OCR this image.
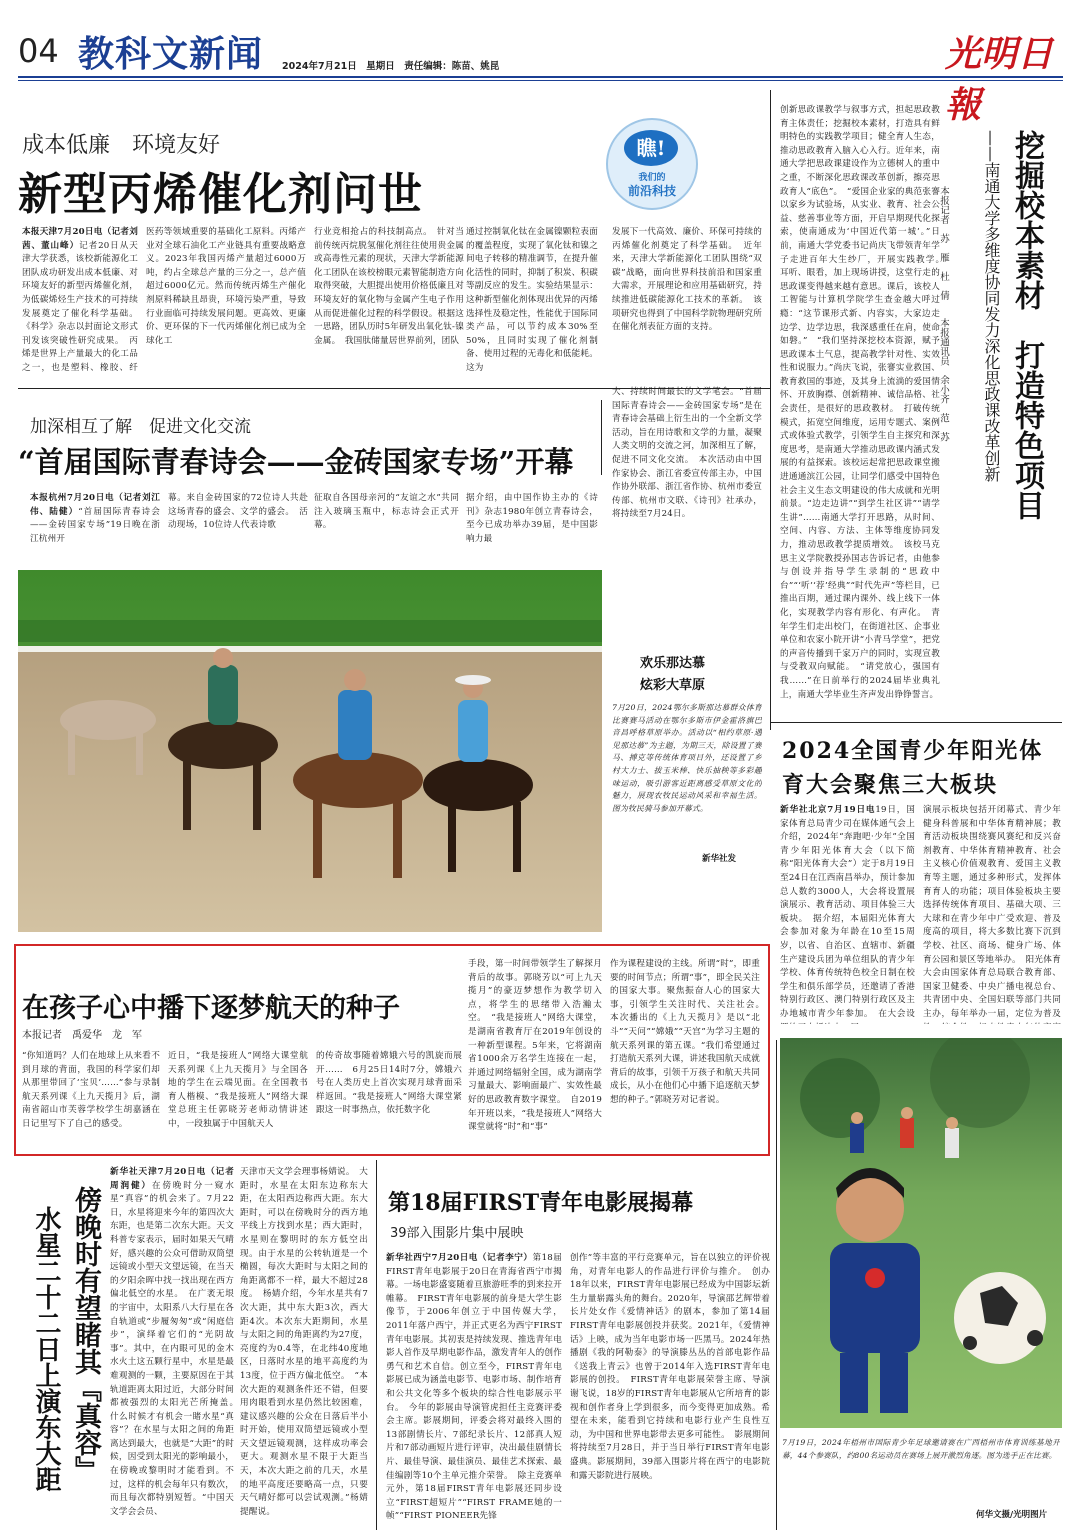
04 教科文新闻 2024年7月21日　星期日　责任编辑：陈苗、姚昆	光明日報
成本低廉　环境友好
新型丙烯催化剂问世
瞧!
我们的
前沿科技
本报天津7月20日电（记者刘茜、董山峰）记者20日从天津大学获悉，该校新能源化工团队成功研发出成本低廉、对环境友好的新型丙烯催化剂，为低碳烯烃生产技术的可持续发展奠定了催化科学基础。《科学》杂志以封面论文形式刊发该突破性研究成果。　丙烯是世界上产量最大的化工品之一，也是塑料、橡胶、纤
医药等领域重要的基础化工原料。丙烯产业对全球石油化工产业链具有重要战略意义。2023年我国丙烯产量超过6000万吨，约占全球总产量的三分之一，总产值超过6000亿元。然而传统丙烯生产催化剂原料稀缺且昂贵，环境污染严重，导致行业面临可持续发展问题。更高效、更廉价、更环保的下一代丙烯催化剂已成为全球化工
行业竞相抢占的科技制高点。　针对当前传统丙烷脱氢催化剂往往使用贵金属或高毒性元素的现状，天津大学新能源化工团队在该校榜眼元素智能制造方向取得突破，大胆提出使用价格低廉且对环境友好的氧化物与金属产生电子作用从而促进催化过程的科学假设。根据这一思路，团队历时5年研发出氧化钛-镍金属。　我国肽储量居世界前列，团队
通过控制氧化钛在金属镍颗粒表面的覆盖程度，实现了氧化钛和镍之间电子转移的精准调节，在提升催化活性的同时，抑制了积炭、积碳等副反应的发生。实验结果显示：这种新型催化剂体现出优异的丙烯选择性及稳定性，性能优于国际同类产品，可以节约成本30%至50%，且同时实现了催化剂制备、使用过程的无毒化和低能耗。这为
发展下一代高效、廉价、环保可持续的丙烯催化剂奠定了科学基础。　近年来，天津大学新能源化工团队围绕“双碳”战略，面向世界科技前沿和国家重大需求，开展理论和应用基础研究，持续推进低碳能源化工技术的革新。　该项研究也得到了中国科学院物理研究所在催化剂表征方面的支持。
加深相互了解　促进文化交流
“首届国际青春诗会——金砖国家专场”开幕
本报杭州7月20日电（记者刘江伟、陆健）“首届国际青春诗会——金砖国家专场”19日晚在浙江杭州开
幕。来自金砖国家的72位诗人共赴这场青春的盛会、文学的盛会。　活动现场，10位诗人代表诗歌
征取自各国母亲河的“友谊之水”共同注入玻璃玉瓶中，标志诗会正式开幕。
据介绍，由中国作协主办的《诗刊》杂志1980年创立青春诗会，至今已成功举办39届，是中国影响力最
大、持续时间最长的文学笔会。“首届国际青春诗会——金砖国家专场”是在青春诗会基础上衍生出的一个全新文学活动，旨在用诗歌和文学的力量，凝聚人类文明的交流之河，加深相互了解，促进不同文化交流。　本次活动由中国作家协会、浙江省委宣传部主办，中国作协外联部、浙江省作协、杭州市委宣传部、杭州市文联、《诗刊》社承办，将持续至7月24日。
欢乐那达慕
炫彩大草原
7月20日，2024鄂尔多斯那达慕群众体育比赛赛马活动在鄂尔多斯市伊金霍洛旗巴音昌呼格草原举办。活动以“相约草原·遇见那达慕”为主题，为期三天，除设置了赛马、搏克等传统体育项目外，还设置了乡村大力士、拔玉米棒、快乐抽秧等多彩趣味运动，吸引游客近距离感受草原文化的魅力，展现农牧民运动风采和幸福生活。图为牧民骑马参加开幕式。
新华社发
挖掘校本素材　打造特色项目
——南通大学多维度协同发力深化思政课改革创新
本报记者　苏　雁　杜　倩
本报通讯员　余小齐　范　苏
创新思政课教学与叙事方式，担起思政教育主体责任；挖掘校本素材，打造具有鲜明特色的实践教学项目；健全育人生态，推动思政教育入脑入心入行。近年来，南通大学把思政课建设作为立德树人的重中之重，不断深化思政课改革创新，擦亮思政育人“底色”。　“爱国企业家的典范张謇以家乡为试验场，从实业、教育、社会公益、慈善事业等方面，开启早期现代化探索，使南通成为‘中国近代第一城’。”日前，南通大学党委书记尚庆飞带领青年学子走进百年大生纱厂，开展实践教学。　耳听、眼看，加上现场讲授，这堂行走的思政课变得越来越有意思。课后，该校人工智能与计算机学院学生查金越大呼过瘾：“这节课形式新、内容实，大家边走边学、边学边思，我深感重任在肩，使命如磐。”　“我们坚持深挖校本资源，赋予思政课本土气息，提高教学针对性、实效性和说服力。”尚庆飞说，张謇实业救国、教育救国的事迹，及其身上流淌的爱国情怀、开放胸襟、创新精神、诚信品格、社会责任，是很好的思政教材。　打破传统模式，拓宽空间维度，运用专题式、案例式或体验式教学，引领学生自主探究和深度思考，是南通大学推动思政课内涵式发展的有益探索。该校运起常把思政课堂搬进通通滨江公园，让同学们感受中国特色社会主义生态文明建设的伟大成就和光明前景。“边走边讲”“到学生社区讲”“请学生讲”……南通大学打开思路，从时间、空间、内容、方法、主体等维度协同发力，推动思政教学提质增效。　该校马克思主义学院教授孙国志告诉记者，由他参与创设并指导学生录制的“思政中台”“‘听’‘荐’经典”“时代先声”等栏目，已推出百期，通过课内课外、线上线下一体化，实现教学内容有形化、有声化。　青年学生们走出校门，在街道社区、企事业单位和农家小院开讲“小青马学堂”，把党的声音传播到千家万户的同时，实现宣教与受教双向赋能。　“请党放心，强国有我……”在日前举行的2024届毕业典礼上，南通大学毕业生齐声发出铮铮誓言。
2024全国青少年阳光体育大会聚焦三大板块
新华社北京7月19日电19日，国家体育总局青少司在媒体通气会上介绍，2024年“奔跑吧·少年”全国青少年阳光体育大会（以下简称“阳光体育大会”）定于8月19日至24日在江西南昌举办，预计参加总人数约3000人，大会将设置展演展示、教育活动、项目体验三大板块。　据介绍，本届阳光体育大会参加对象为年龄在10至15周岁，以省、自治区、直辖市、新疆生产建设兵团为单位组队的青少年学校、体育传统特色校全日制在校学生和俱乐部学员，还邀请了香港特别行政区、澳门特别行政区及主办地城市青少年参加。　在大会设
演展示板块包括开闭幕式、青少年健身科普展和中华体育精神展；教育活动板块围绕赛风赛纪和反兴奋剂教育、中华体育精神教育、社会主义核心价值观教育、爱国主义教育等主题，通过多种形式，发挥体育育人的功能；项目体验板块主要选择传统体育项目、基础大项、三大球和在青少年中广受欢迎、普及度高的项目，将大多数比赛下沉到学校、社区、商场、健身广场、体育公园和景区等地举办。　阳光体育大会由国家体育总局联合教育部、国家卫健委、中央广播电视总台、共青团中央、全国妇联等部门共同主办，每年举办一届，定位为普及
在孩子心中播下逐梦航天的种子
本报记者　禹爱华　龙　军
“你知道吗？人们在地球上从来看不到月球的背面，我国的科学家们却从那里带回了‘宝贝’……”参与录制航天系列课《上九天揽月》后，湖南省韶山市芙蓉学校学生胡嘉涵在日记里写下了自己的感受。
近日，“我是接班人”网络大课堂航天系列课《上九天揽月》与全国各地的学生在云端见面。在全国教书育人楷模、“我是接班人”网络大课堂总班主任郭晓芳老师动情讲述中，一段独属于中国航天人
的传奇故事随着嫦娥六号的凯旋而展开……　6月25日14时7分，嫦娥六号在人类历史上首次实现月球背面采样返回。“我是接班人”网络大课堂紧跟这一时事热点，依托数字化
手段，第一时间带领学生了解探月背后的故事。郭晓芳以“可上九天揽月”的豪迈梦想作为教学切入点，将学生的思绪带入浩瀚太空。　“我是接班人”网络大课堂，是湖南省教育厅在2019年创设的一种新型课程。5年来，它将湖南省1000余万名学生连接在一起，并通过网络辐射全国，成为湖南学习量最大、影响面最广、实效性最好的思政教育数字课堂。　自2019年开班以来，“我是接班人”网络大课堂就将“时”和“事”
作为课程建设的主线。所谓“时”，即重要的时间节点；所谓“事”，即全民关注的国家大事。聚焦振奋人心的国家大事，引领学生关注时代、关注社会。　本次播出的《上九天揽月》是以“北斗”“天问”“嫦娥”“天宫”为学习主题的航天系列课的第五课。“我们希望通过打造航天系列大课，讲述我国航天成就背后的故事，引领千万孩子和航天共同成长，从小在他们心中播下追逐航天梦想的种子。”郭晓芳对记者说。
傍晚时有望睹其『真容』
水星二十二日上演东大距
新华社天津7月20日电（记者周润健）在傍晚时分一窥水星“真容”的机会来了。7月22日，水星将迎来今年的第四次大东距，也是第二次东大距。天文科普专家表示，届时如果天气晴好，感兴趣的公众可借助双筒望远镜或小型天文望远镜，在当天的夕阳余晖中找一找出现在西方偏北低空的水星。　在广袤无垠的宇宙中，太阳系八大行星在各自轨道或“步履匆匆”或“闲庭信步”，演绎着它们的“光阴故事”。其中，在内眼可见的金木水火土这五颗行星中，水星是最难观测的一颗，主要原因在于其轨道距离太阳过近，大部分时间都被强烈的太阳光芒所掩盖。　什么时候才有机会一睹水星“真容”？在水星与太阳之间的角距离达到最大，也就是“大距”的时候，因受到太阳光的影响最小，在傍晚或黎明时才能看到。不过，这样的机会每年只有数次，而且每次都特别短暂。“中国天文学会会员、
天津市天文学会理事杨婧说。　大距时，水星在太阳东边称东大距，在太阳西边称西大距。东大距时，可以在傍晚时分的西方地平线上方找到水星；西大距时，水星则在黎明时的东方低空出现。由于水星的公转轨道是一个椭圆，每次大距时与太阳之间的角距离都不一样，最大不超过28度。　杨婧介绍，今年水星共有7次大距，其中东大距3次，西大距4次。本次东大距期间，水星与太阳之间的角距离约为27度，亮度约为0.4等，在北纬40度地区，日落时水星的地平高度约为13度，位于西方偏北低空。　“本次大距的观测条件还不错，但要用肉眼看到水星仍然比较困难，建议感兴趣的公众在日落后半小时开始，使用双筒望远镜或小型天文望远镜观测，这样成功率会更大。观测水星不限于大距当天，本次大距之前的几天，水星的地平高度还要略高一点，只要天气晴好都可以尝试观测。”杨婧提醒说。
第18届FIRST青年电影展揭幕
39部入围影片集中展映
新华社西宁7月20日电（记者李宁）第18届FIRST青年电影展于20日在青海省西宁市揭幕。一场电影盛宴随着亘旅游旺季的到来拉开帷幕。　FIRST青年电影展的前身是大学生影像节，于2006年创立于中国传媒大学，2011年落户西宁，并正式更名为西宁FIRST青年电影展。其初衷是持续发现、推选青年电影人首作及早期电影作品，激发青年人的创作勇气和艺术自信。创立至今，FIRST青年电影展已成为涵盖电影节、电影市场、制作培育和公共文化等多个板块的综合性电影展示平台。　今年的影展由导演管虎担任主竞赛评委会主席。影展期间，评委会将对最终入围的13部剧情长片、7部纪录长片、12部真人短片和7部动画短片进行评审，决出最佳剧情长片、最佳导演、最佳演员、最佳艺术探索、最佳编剧等10个主单元推介荣誉。　除主竞赛单元外，第18届FIRST青年电影展还同步设立“FIRST超短片”“FIRST FRAME她的一帧”“FIRST PIONEER先锋
创作”等丰富的平行竞赛单元，旨在以独立的评价视角，对青年电影人的作品进行评价与推介。　创办18年以来，FIRST青年电影展已经成为中国影坛新生力量崭露头角的舞台。2020年，导演邵艺辉带着长片处女作《爱情神话》的剧本，参加了第14届FIRST青年电影展创投并获奖。2021年，《爱情神话》上映，成为当年电影市场一匹黑马。2024年热播剧《我的阿勒泰》的导演滕丛丛的首部电影作品《送我上青云》也曾于2014年入选FIRST青年电影展的创投。　FIRST青年电影展荣誉主席、导演谢飞说，18岁的FIRST青年电影展从它所培育的影视和创作者身上学到很多，而今变得更加成熟。希望在未来，能看到它持续和电影行业产生良性互动，为中国和世界电影带去更多可能性。　影展期间将持续至7月28日，并于当日举行FIRST青年电影盛典。影展期间，39部入围影片将在西宁的电影院和露天影院进行展映。
7月19日，2024年梧州市国际青少年足球邀请赛在广西梧州市体育训练基地开幕，44个参赛队，约800名运动员在赛场上展开激烈角逐。图为选手正在比赛。
何华文摄/光明图片
